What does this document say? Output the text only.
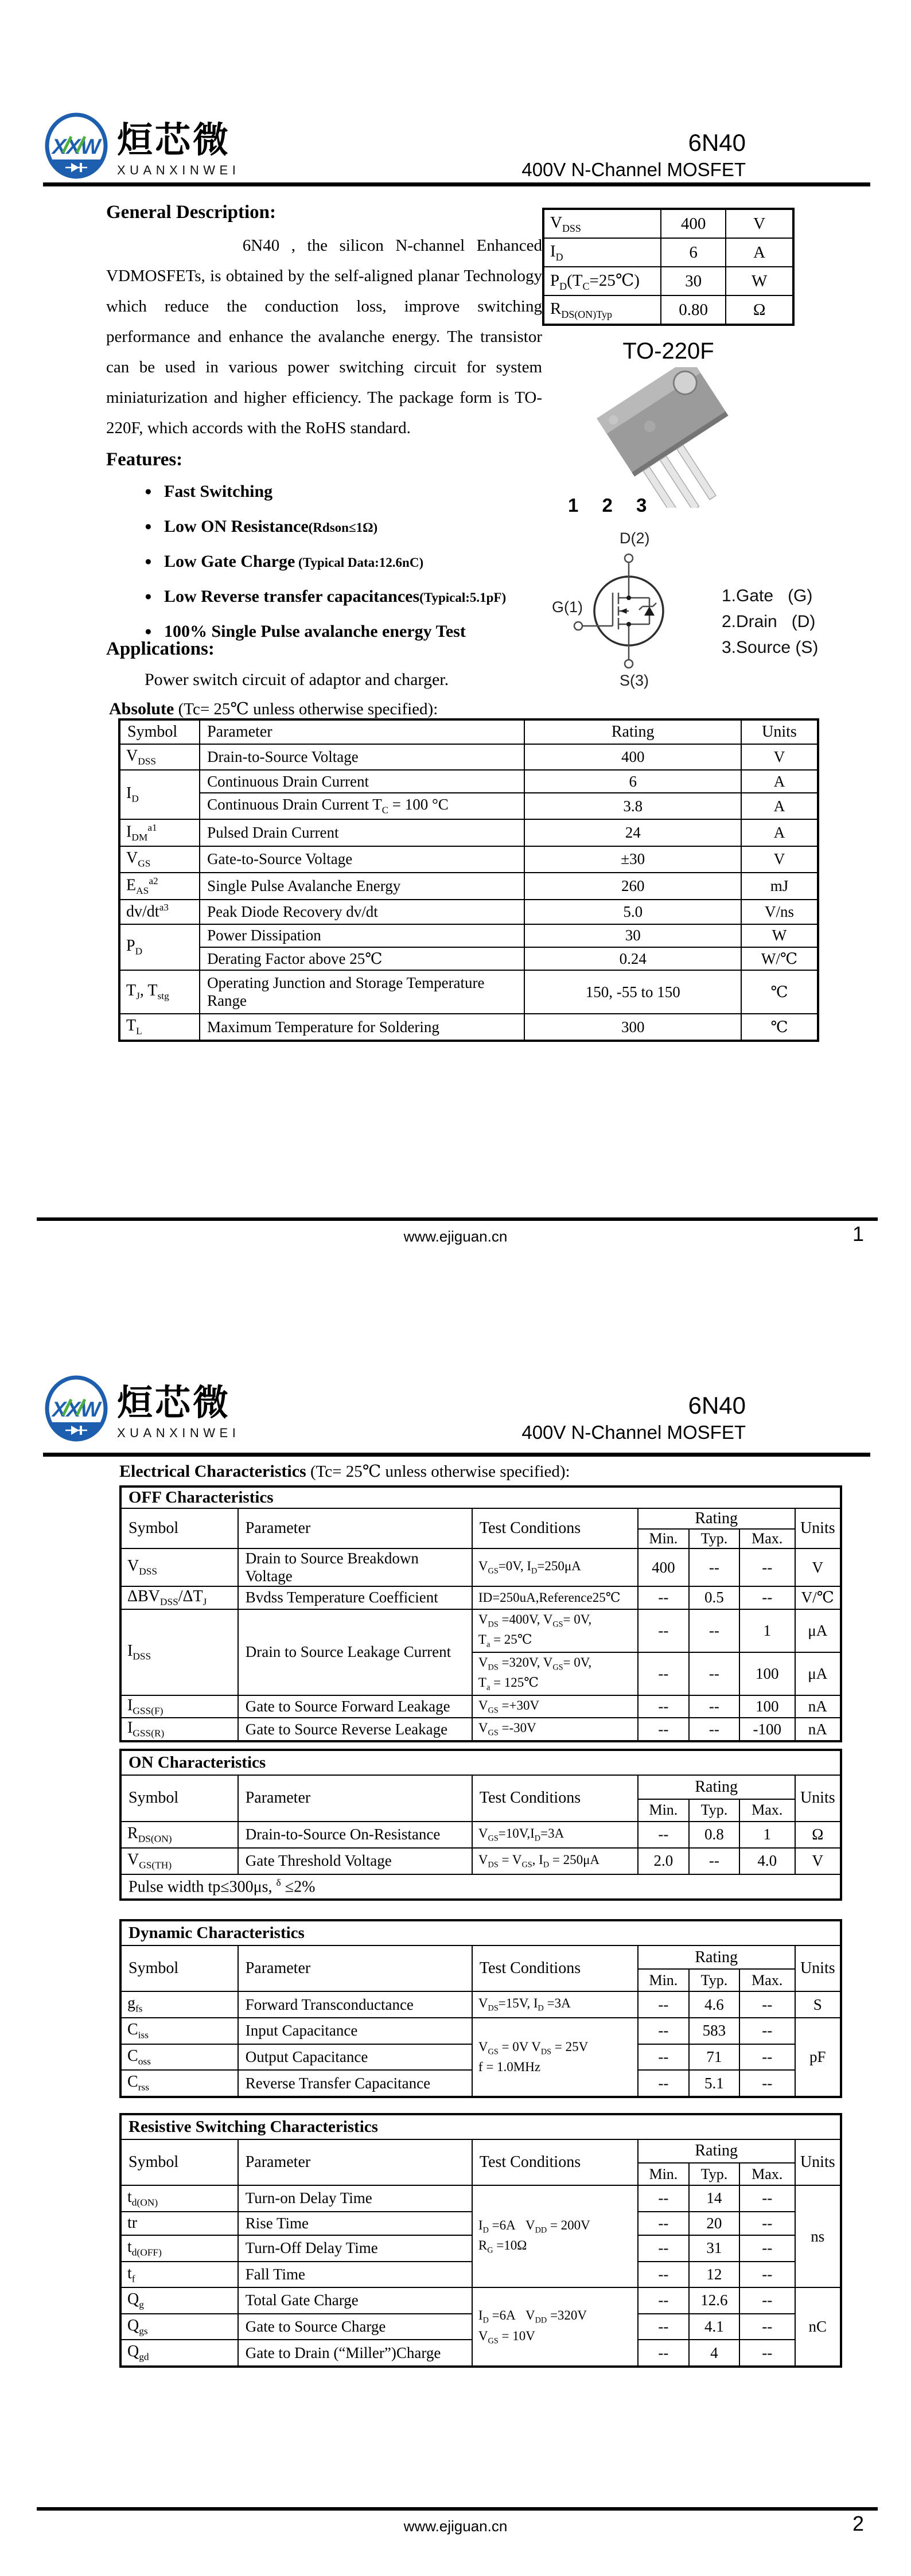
XXW 烜芯微
XUANXINWEI
6N40
400V N-Channel MOSFET
General Description:
6N40 , the silicon N-channel Enhanced VDMOSFETs, is obtained by the self-aligned planar Technology which reduce the conduction loss, improve switching performance and enhance the avalanche energy. The transistor can be used in various power switching circuit for system miniaturization and higher efficiency. The package form is TO-220F, which accords with the RoHS standard.
Features:
● Fast Switching
● Low ON Resistance(Rdson≤1Ω)
● Low Gate Charge (Typical Data:12.6nC)
● Low Reverse transfer capacitances(Typical:5.1pF)
● 100% Single Pulse avalanche energy Test
Applications:
Power switch circuit of adaptor and charger.
$V_{DSS}$	400	V
$I_D$	6	A
$P_D(T_C=25℃)$	30	W
$R_{DS(ON)Typ}$	0.80	Ω
TO-220F
1 2 3
D(2)
G(1)
S(3)
1.Gate   (G)
2.Drain   (D)
3.Source (S)
Absolute (Tc= 25℃ unless otherwise specified):
Symbol	Parameter	Rating	Units
$V_{DSS}$	Drain-to-Source Voltage	400	V
$I_D$	Continuous Drain Current	6	A
	Continuous Drain Current $T_C = 100$ °C	3.8	A
$I_{DM}^{a1}$	Pulsed Drain Current	24	A
$V_{GS}$	Gate-to-Source Voltage	±30	V
$E_{AS}^{a2}$	Single Pulse Avalanche Energy	260	mJ
$dv/dt^{a3}$	Peak Diode Recovery dv/dt	5.0	V/ns
$P_D$	Power Dissipation	30	W
	Derating Factor above 25℃	0.24	W/℃
$T_J$, $T_{stg}$	Operating Junction and Storage Temperature Range	150, -55 to 150	℃
$T_L$	Maximum Temperature for Soldering	300	℃
www.ejiguan.cn	1
XXW 烜芯微
XUANXINWEI
6N40
400V N-Channel MOSFET
Electrical Characteristics (Tc= 25℃ unless otherwise specified):
OFF Characteristics						
Symbol	Parameter	Test Conditions	Rating			Units
			Min.	Typ.	Max.	
$V_{DSS}$	Drain to Source Breakdown Voltage	$V_{GS}=0V$, $I_D=250\mu A$	400	--	--	V
$\Delta BV_{DSS}/\Delta T_J$	Bvdss Temperature Coefficient	ID=250uA,Reference25℃	--	0.5	--	V/℃
$I_{DSS}$	Drain to Source Leakage Current	$V_{DS} =400V$, $V_{GS}= 0V$,
$T_a$ = 25℃	--	--	1	μA
		$V_{DS} =320V$, $V_{GS}= 0V$,
$T_a$ = 125℃	--	--	100	μA
$I_{GSS(F)}$	Gate to Source Forward Leakage	$V_{GS} =+30V$	--	--	100	nA
$I_{GSS(R)}$	Gate to Source Reverse Leakage	$V_{GS} =-30V$	--	--	-100	nA
ON Characteristics						
Symbol	Parameter	Test Conditions	Rating			Units
			Min.	Typ.	Max.	
$R_{DS(ON)}$	Drain-to-Source On-Resistance	$V_{GS}=10V,I_D=3A$	--	0.8	1	Ω
$V_{GS(TH)}$	Gate Threshold Voltage	$V_{DS} = V_{GS}$, $I_D = 250\mu A$	2.0	--	4.0	V
Pulse width tp≤300μs, $^\delta$ ≤2%						
Dynamic Characteristics						
Symbol	Parameter	Test Conditions	Rating			Units
			Min.	Typ.	Max.	
$g_{fs}$	Forward Transconductance	$V_{DS}=15V$, $I_D =3A$	--	4.6	--	S
$C_{iss}$	Input Capacitance	$V_{GS} = 0V$ $V_{DS} = 25V$
f = 1.0MHz	--	583	--	pF
$C_{oss}$	Output Capacitance		--	71	--	
$C_{rss}$	Reverse Transfer Capacitance		--	5.1	--	
Resistive Switching Characteristics						
Symbol	Parameter	Test Conditions	Rating			Units
			Min.	Typ.	Max.	
$t_{d(ON)}$	Turn-on Delay Time	$I_D =6A$   $V_{DD} = 200V$
$R_G =10\Omega$	--	14	--	ns
tr	Rise Time		--	20	--	
$t_{d(OFF)}$	Turn-Off Delay Time		--	31	--	
$t_f$	Fall Time		--	12	--	
$Q_g$	Total Gate Charge	$I_D =6A$   $V_{DD} =320V$
$V_{GS} = 10V$	--	12.6	--	nC
$Q_{gs}$	Gate to Source Charge		--	4.1	--	
$Q_{gd}$	Gate to Drain (“Miller”)Charge		--	4	--	
www.ejiguan.cn	2
